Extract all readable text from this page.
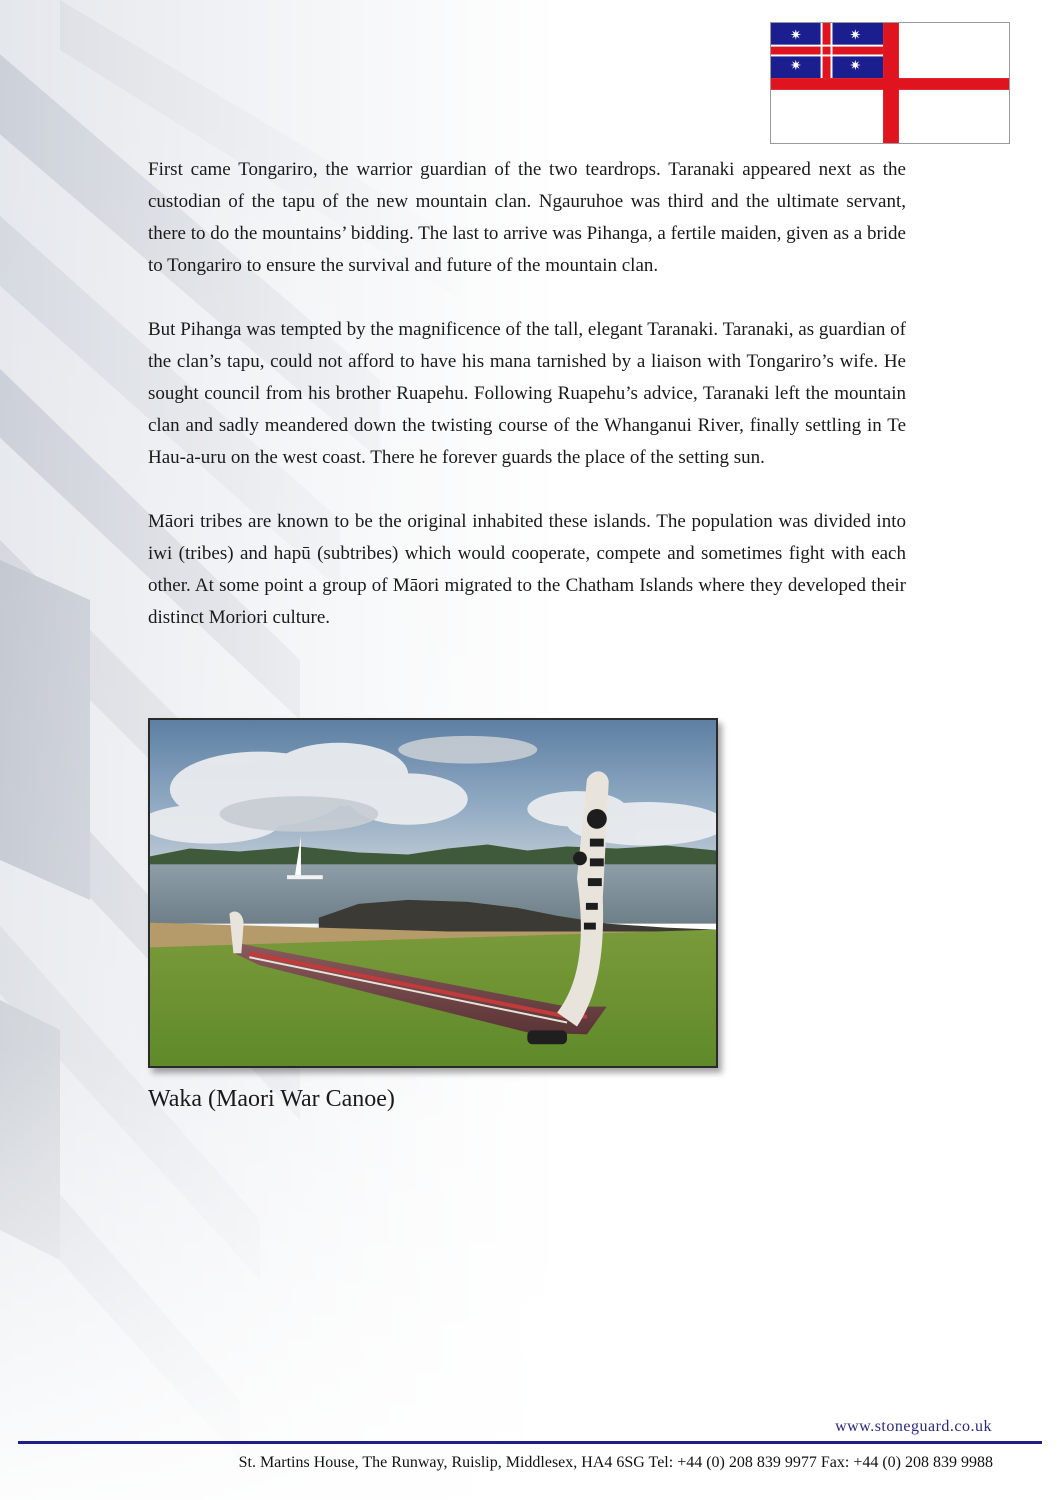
✷	✷
✷	✷

First came Tongariro, the warrior guardian of the two teardrops. Taranaki appeared next as the custodian of the tapu of the new mountain clan. Ngauruhoe was third and the ultimate servant, there to do the mountains’ bidding. The last to arrive was Pihanga, a fertile maiden, given as a bride to Tongariro to ensure the survival and future of the mountain clan.

But Pihanga was tempted by the magnificence of the tall, elegant Taranaki. Taranaki, as guardian of the clan’s tapu, could not afford to have his mana tarnished by a liaison with Tongariro’s wife. He sought council from his brother Ruapehu. Following Ruapehu’s advice, Taranaki left the mountain clan and sadly meandered down the twisting course of the Whanganui River, finally settling in Te Hau-a-uru on the west coast. There he forever guards the place of the setting sun.

Māori tribes are known to be the original inhabited these islands. The population was divided into iwi (tribes) and hapū (subtribes) which would cooperate, compete and sometimes fight with each other. At some point a group of Māori migrated to the Chatham Islands where they developed their distinct Moriori culture.

Waka (Maori War Canoe)
www.stoneguard.co.uk
St. Martins House, The Runway, Ruislip, Middlesex, HA4 6SG Tel: +44 (0) 208 839 9977 Fax: +44 (0) 208 839 9988
